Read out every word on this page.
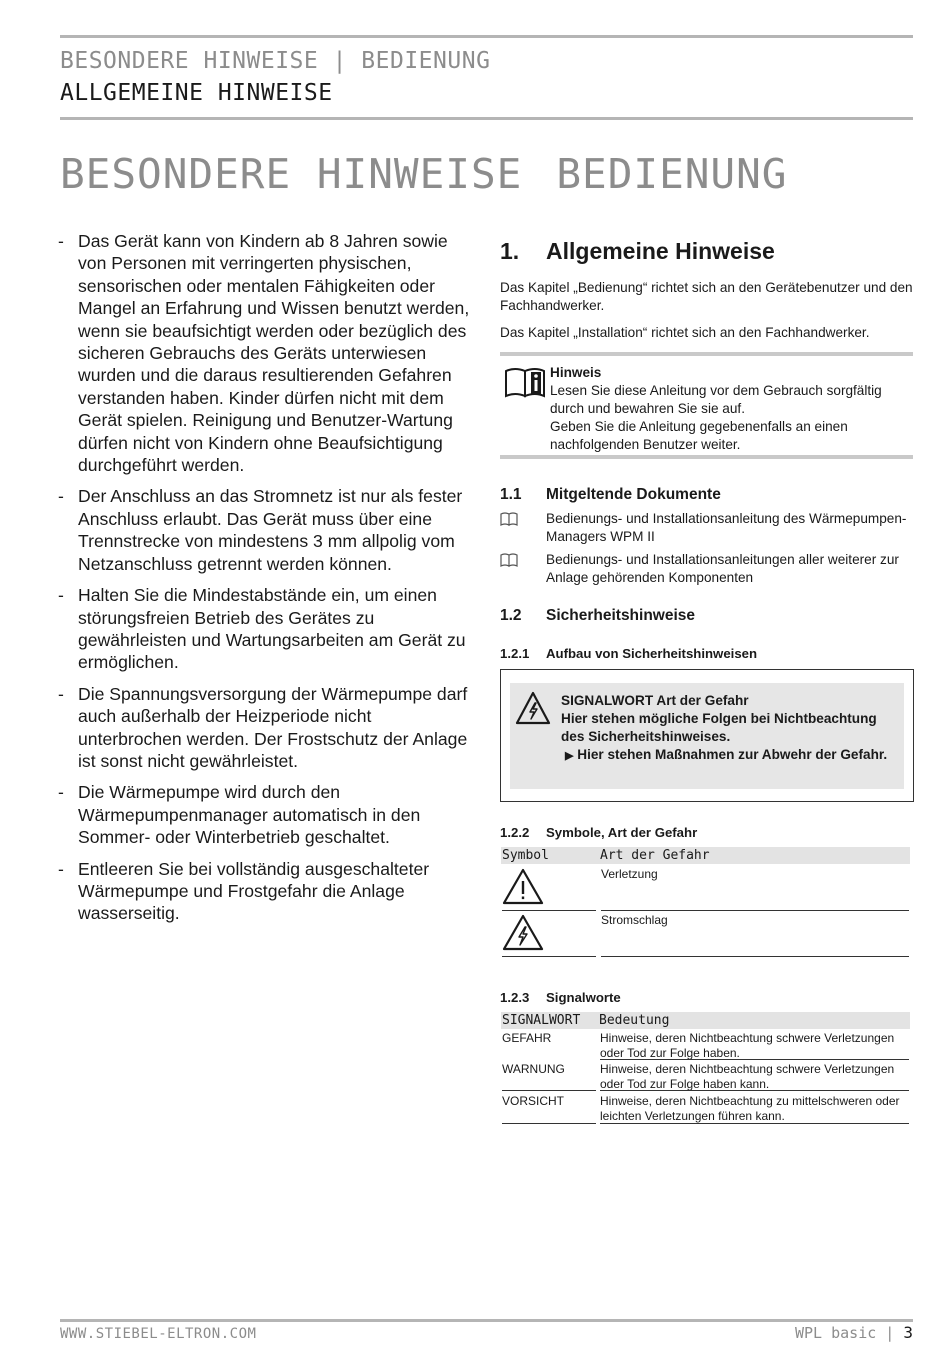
BESONDERE HINWEISE | BEDIENUNG
ALLGEMEINE HINWEISE
BESONDERE HINWEISE BEDIENUNG
- Das Gerät kann von Kindern ab 8 Jahren sowie von Personen mit verringerten physischen, sensorischen oder mentalen Fähigkeiten oder Mangel an Erfahrung und Wissen benutzt werden, wenn sie beaufsichtigt werden oder bezüglich des sicheren Gebrauchs des Geräts unterwiesen wurden und die daraus resultierenden Gefahren verstanden haben. Kinder dürfen nicht mit dem Gerät spielen. Reinigung und Benutzer-Wartung dürfen nicht von Kindern ohne Beaufsichtigung durchgeführt werden.
- Der Anschluss an das Stromnetz ist nur als fester Anschluss erlaubt. Das Gerät muss über eine Trennstrecke von mindestens 3 mm allpolig vom Netzanschluss getrennt werden können.
- Halten Sie die Mindestabstände ein, um einen störungsfreien Betrieb des Gerätes zu gewährleisten und Wartungsarbeiten am Gerät zu ermöglichen.
- Die Spannungsversorgung der Wärmepumpe darf auch außerhalb der Heizperiode nicht unterbrochen werden. Der Frostschutz der Anlage ist sonst nicht gewährleistet.
- Die Wärmepumpe wird durch den Wärmepumpenmanager automatisch in den Sommer- oder Winterbetrieb geschaltet.
- Entleeren Sie bei vollständig ausgeschalteter Wärmepumpe und Frostgefahr die Anlage wasserseitig.
1.	Allgemeine Hinweise
Das Kapitel „Bedienung“ richtet sich an den Gerätebenutzer und den Fachhandwerker.
Das Kapitel „Installation“ richtet sich an den Fachhandwerker.
Hinweis
Lesen Sie diese Anleitung vor dem Gebrauch sorgfältig durch und bewahren Sie sie auf.
Geben Sie die Anleitung gegebenenfalls an einen nachfolgenden Benutzer weiter.
1.1	Mitgeltende Dokumente
Bedienungs- und Installationsanleitung des Wärmepumpen-Managers WPM II
Bedienungs- und Installationsanleitungen aller weiterer zur Anlage gehörenden Komponenten
1.2	Sicherheitshinweise
1.2.1	Aufbau von Sicherheitshinweisen
SIGNALWORT Art der Gefahr
Hier stehen mögliche Folgen bei Nichtbeachtung des Sicherheitshinweises.
▶ Hier stehen Maßnahmen zur Abwehr der Gefahr.
1.2.2	Symbole, Art der Gefahr
Symbol	Art der Gefahr
Verletzung
Stromschlag
1.2.3	Signalworte
SIGNALWORT Bedeutung
GEFAHR	Hinweise, deren Nichtbeachtung schwere Verletzungen oder Tod zur Folge haben.
WARNUNG	Hinweise, deren Nichtbeachtung schwere Verletzungen oder Tod zur Folge haben kann.
VORSICHT	Hinweise, deren Nichtbeachtung zu mittelschweren oder leichten Verletzungen führen kann.
WWW.STIEBEL-ELTRON.COM	WPL basic | 3
